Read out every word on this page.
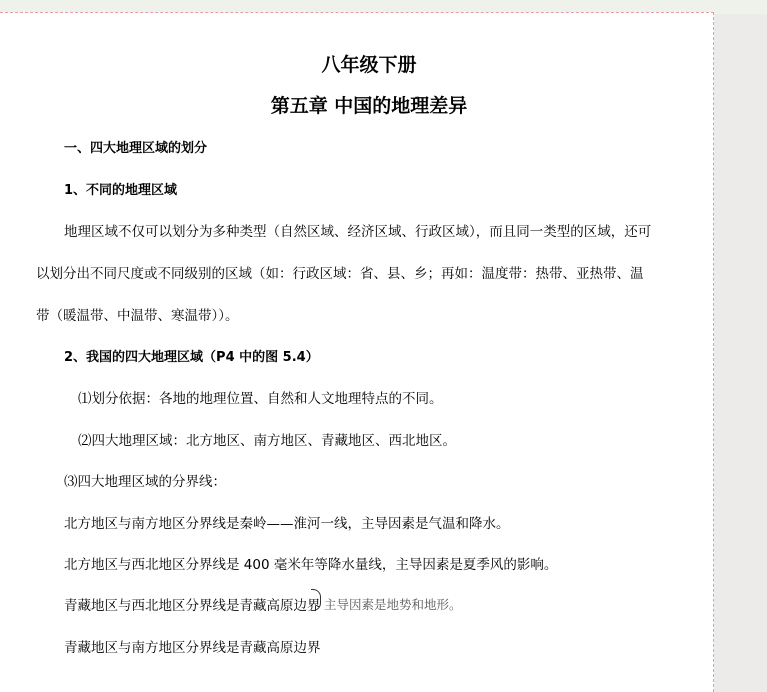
八年级下册
第五章 中国的地理差异
一、四大地理区域的划分
1、不同的地理区域
地理区域不仅可以划分为多种类型（自然区域、经济区域、行政区域），而且同一类型的区域，还可
以划分出不同尺度或不同级别的区域（如：行政区域：省、县、乡；再如：温度带：热带、亚热带、温
带（暖温带、中温带、寒温带））。
2、我国的四大地理区域（P4 中的图 5.4）
⑴划分依据：各地的地理位置、自然和人文地理特点的不同。
⑵四大地理区域：北方地区、南方地区、青藏地区、西北地区。
⑶四大地理区域的分界线：
北方地区与南方地区分界线是秦岭——淮河一线，主导因素是气温和降水。
北方地区与西北地区分界线是 400 毫米年等降水量线，主导因素是夏季风的影响。
青藏地区与西北地区分界线是青藏高原边界 主导因素是地势和地形。
青藏地区与南方地区分界线是青藏高原边界
